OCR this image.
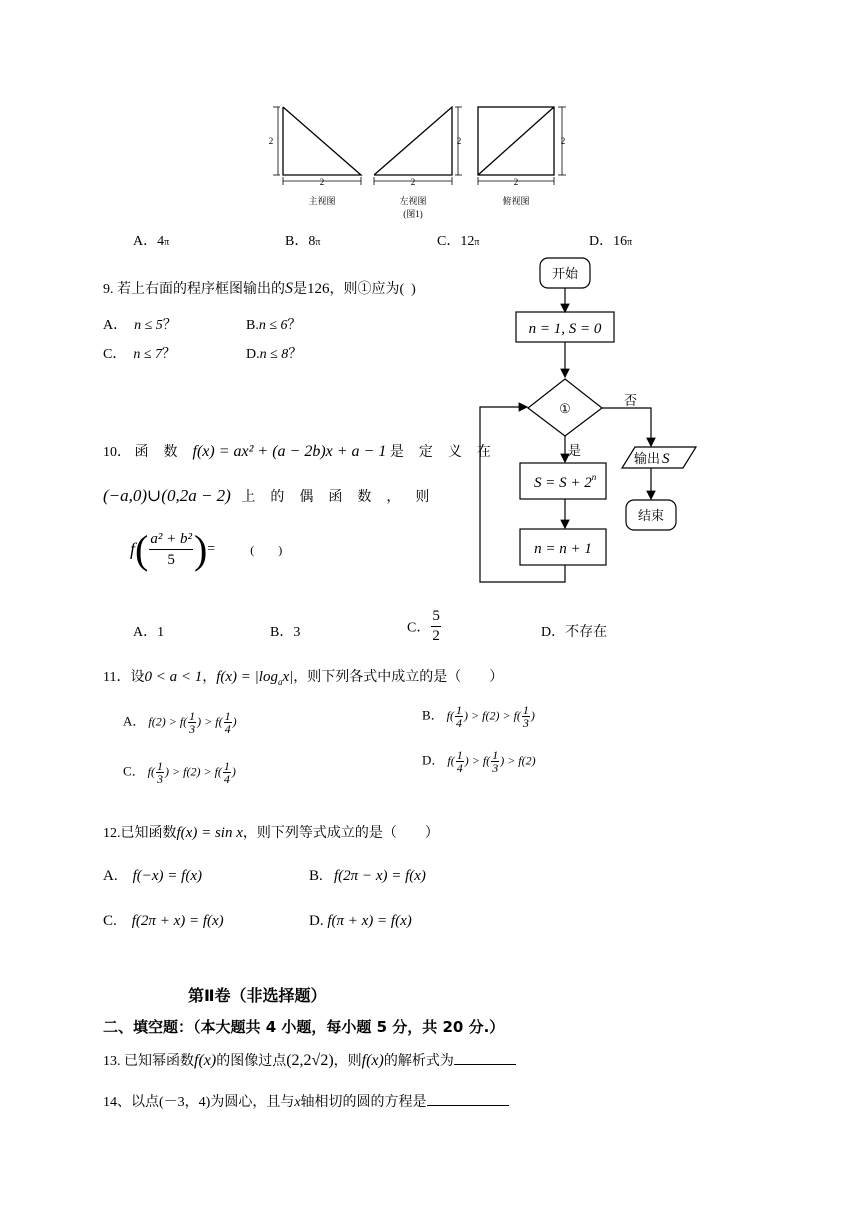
2
2
主视图
2
2
左视图
(图1)
2
2
俯视图
A．4π	B．8π	C．12π	D．16π
9. 若上右面的程序框图输出的S是126，则①应为( )
A． n ≤ 5？	B.n ≤ 6？
C． n ≤ 7？	D.n ≤ 8？
开始
n = 1, S = 0
①
否
是
输出 S
结束
$S = S + 2^n$
n = n + 1
10． 函数f(x) = ax² + (a − 2b)x + a − 1 是定义在
(−a,0)∪(0,2a − 2) 上的偶函数，则
$f( \frac{\text{a² + b²}}{5}$ )=	(　　)
A．1	B．3	C． $\frac{5}{2}$	D．不存在
11．设0 < a < 1，$f(x) = |\log_ax|$，则下列各式中成立的是（　　）
A． $f(2) > f( \frac{1}{3}$ ) > $f( \frac{1}{4}$ )	B． $f( \frac{1}{4}$ ) > $f(2) > f( \frac{1}{3}$ )
C． $f( \frac{1}{3}$ ) > $f(2) > f( \frac{1}{4}$ )
D． $f( \frac{1}{4}$ ) > $f( \frac{1}{3}$ ) > f(2)
12.已知函数f(x) = sin x，则下列等式成立的是（　　）
A. f(−x) = f(x)	B. f(2π − x) = f(x)
C. f(2π + x) = f(x)	D. f(π + x) = f(x)
第Ⅱ卷（非选择题）
二、填空题：（本大题共 4 小题，每小题 5 分，共 20 分.）
13. 已知幂函数f(x)的图像过点(2,2√2)，则f(x)的解析式为
14、以点(－3，4)为圆心，且与x轴相切的圆的方程是
